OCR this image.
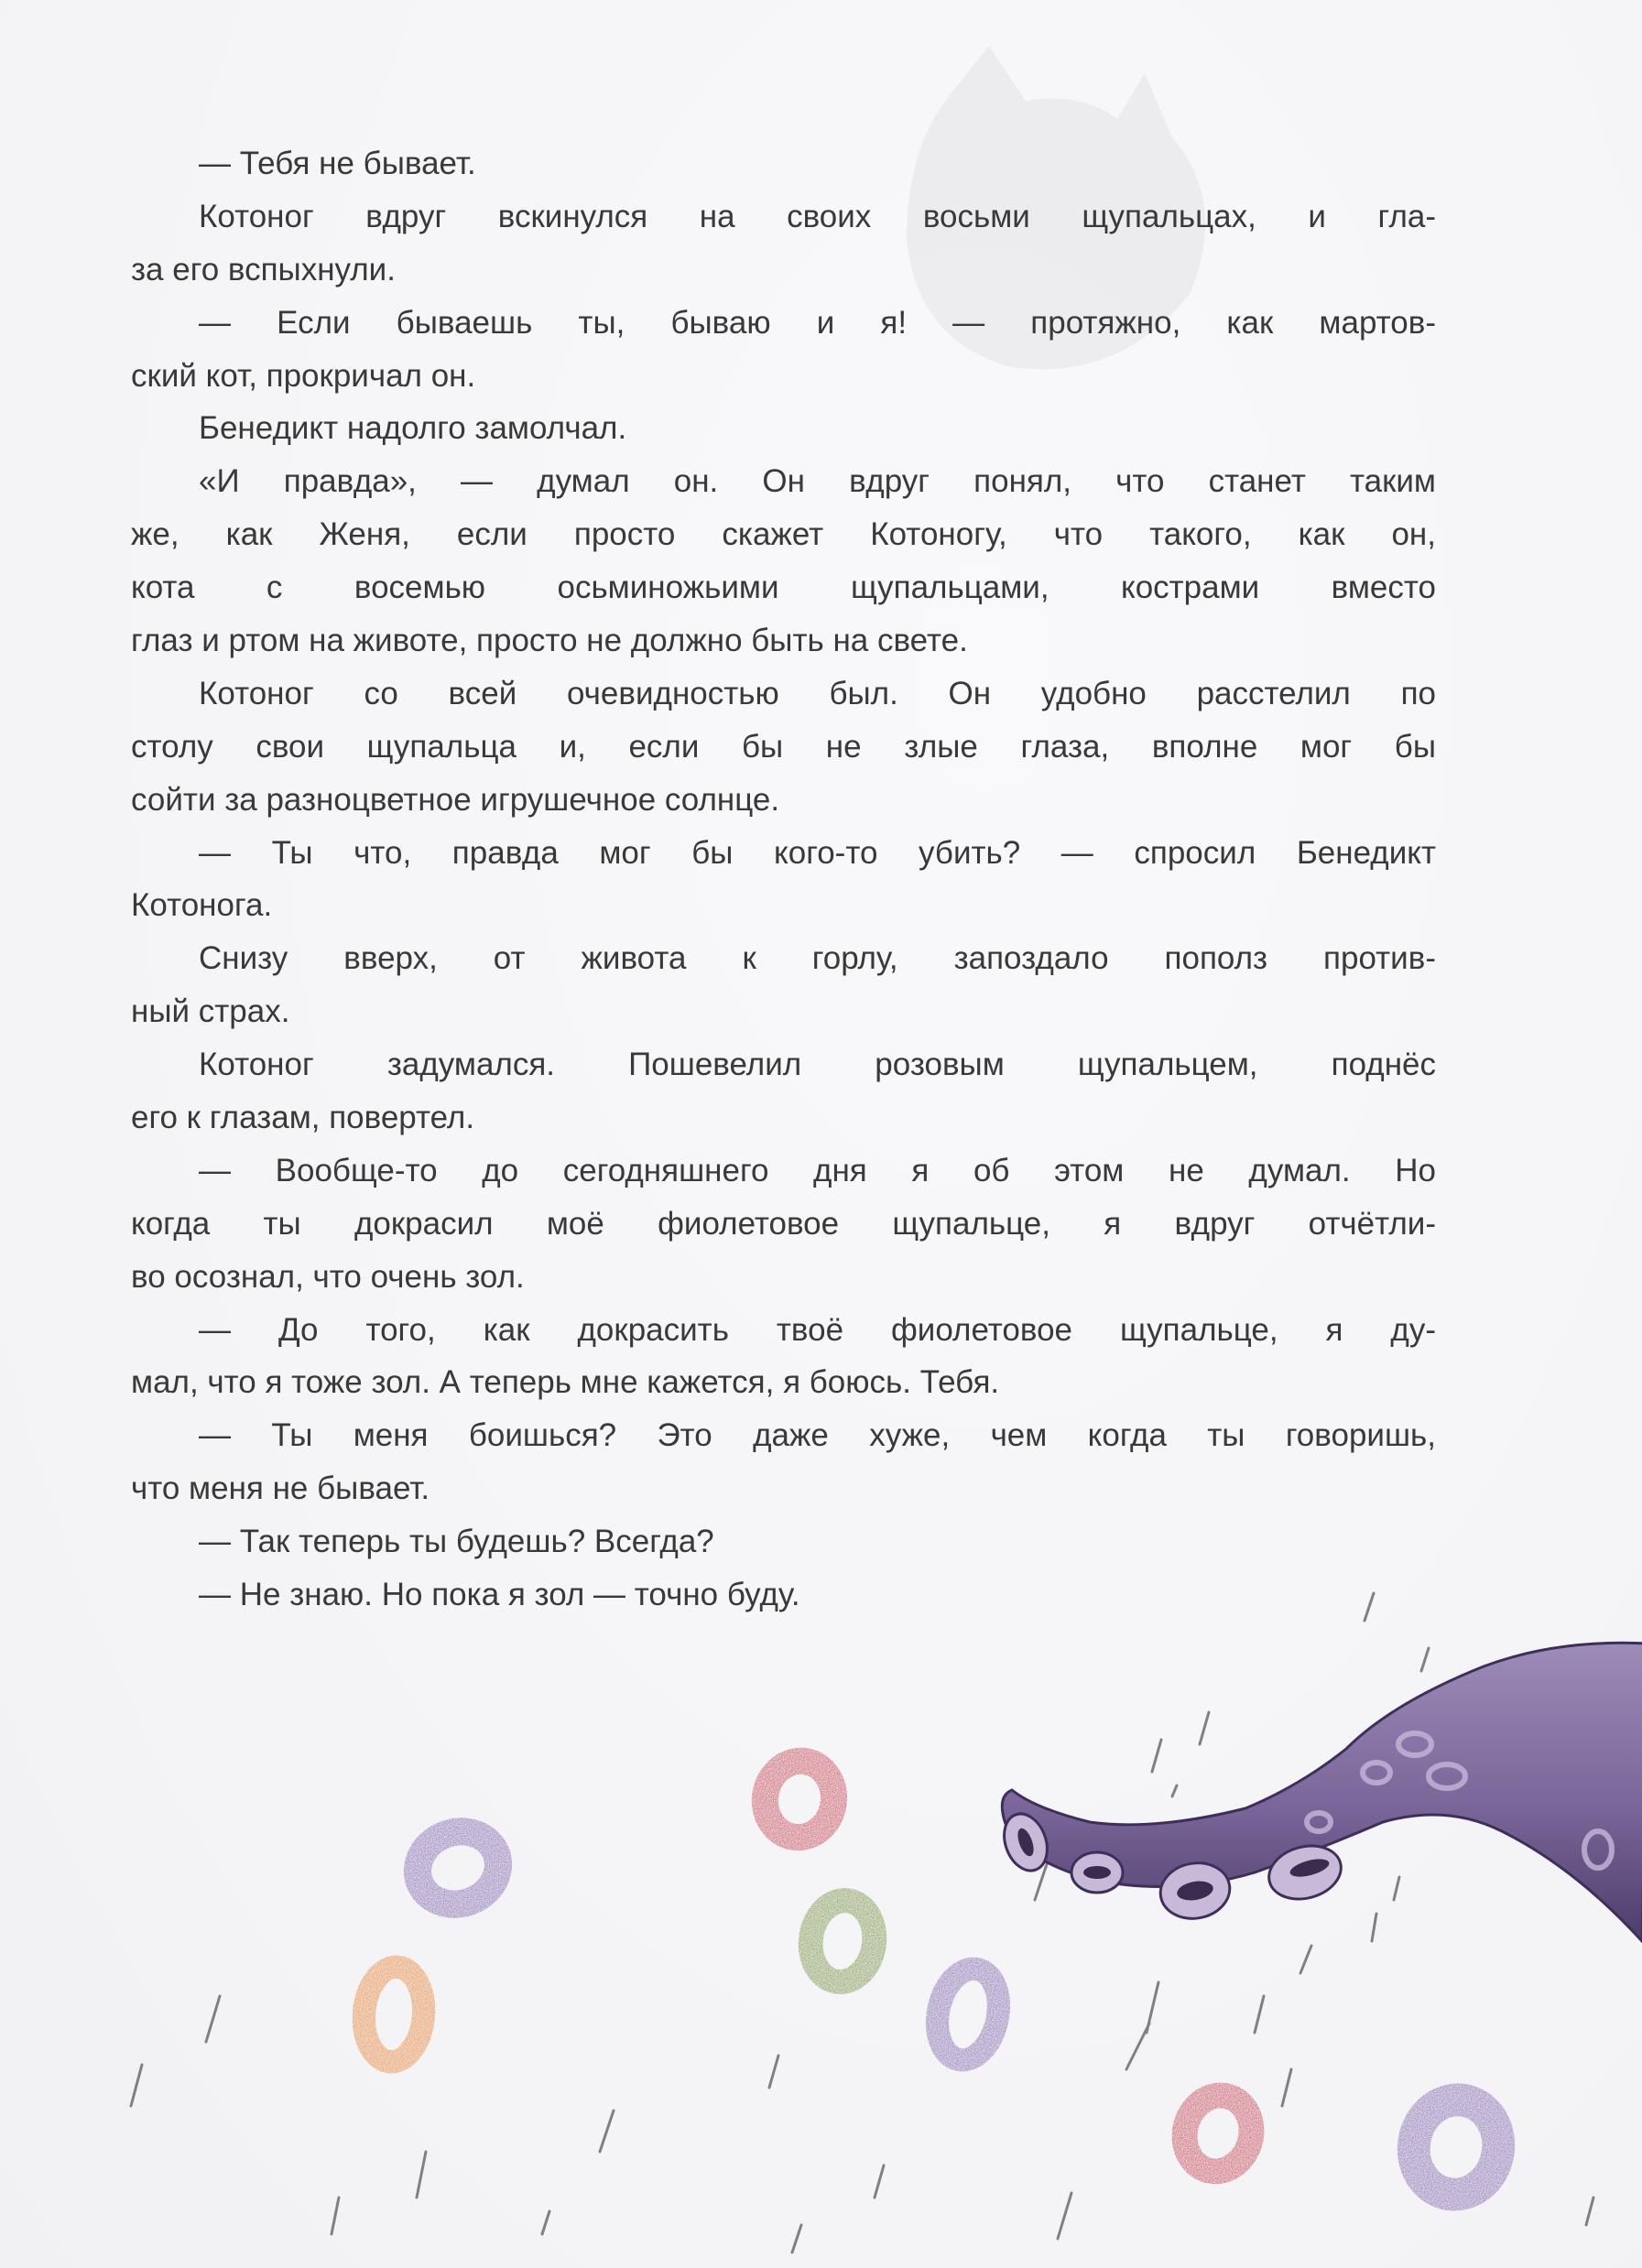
— Тебя не бывает.
Котоног вдруг вскинулся на своих восьми щупальцах, и гла-
за его вспыхнули.
— Если бываешь ты, бываю и я! — протяжно, как мартов-
ский кот, прокричал он.
Бенедикт надолго замолчал.
«И правда», — думал он. Он вдруг понял, что станет таким
же, как Женя, если просто скажет Котоногу, что такого, как он,
кота с восемью осьминожьими щупальцами, кострами вместо
глаз и ртом на животе, просто не должно быть на свете.
Котоног со всей очевидностью был. Он удобно расстелил по
столу свои щупальца и, если бы не злые глаза, вполне мог бы
сойти за разноцветное игрушечное солнце.
— Ты что, правда мог бы кого-то убить? — спросил Бенедикт
Котонога.
Снизу вверх, от живота к горлу, запоздало пополз против-
ный страх.
Котоног задумался. Пошевелил розовым щупальцем, поднёс
его к глазам, повертел.
— Вообще-то до сегодняшнего дня я об этом не думал. Но
когда ты докрасил моё фиолетовое щупальце, я вдруг отчётли-
во осознал, что очень зол.
— До того, как докрасить твоё фиолетовое щупальце, я ду-
мал, что я тоже зол. А теперь мне кажется, я боюсь. Тебя.
— Ты меня боишься? Это даже хуже, чем когда ты говоришь,
что меня не бывает.
— Так теперь ты будешь? Всегда?
— Не знаю. Но пока я зол — точно буду.
